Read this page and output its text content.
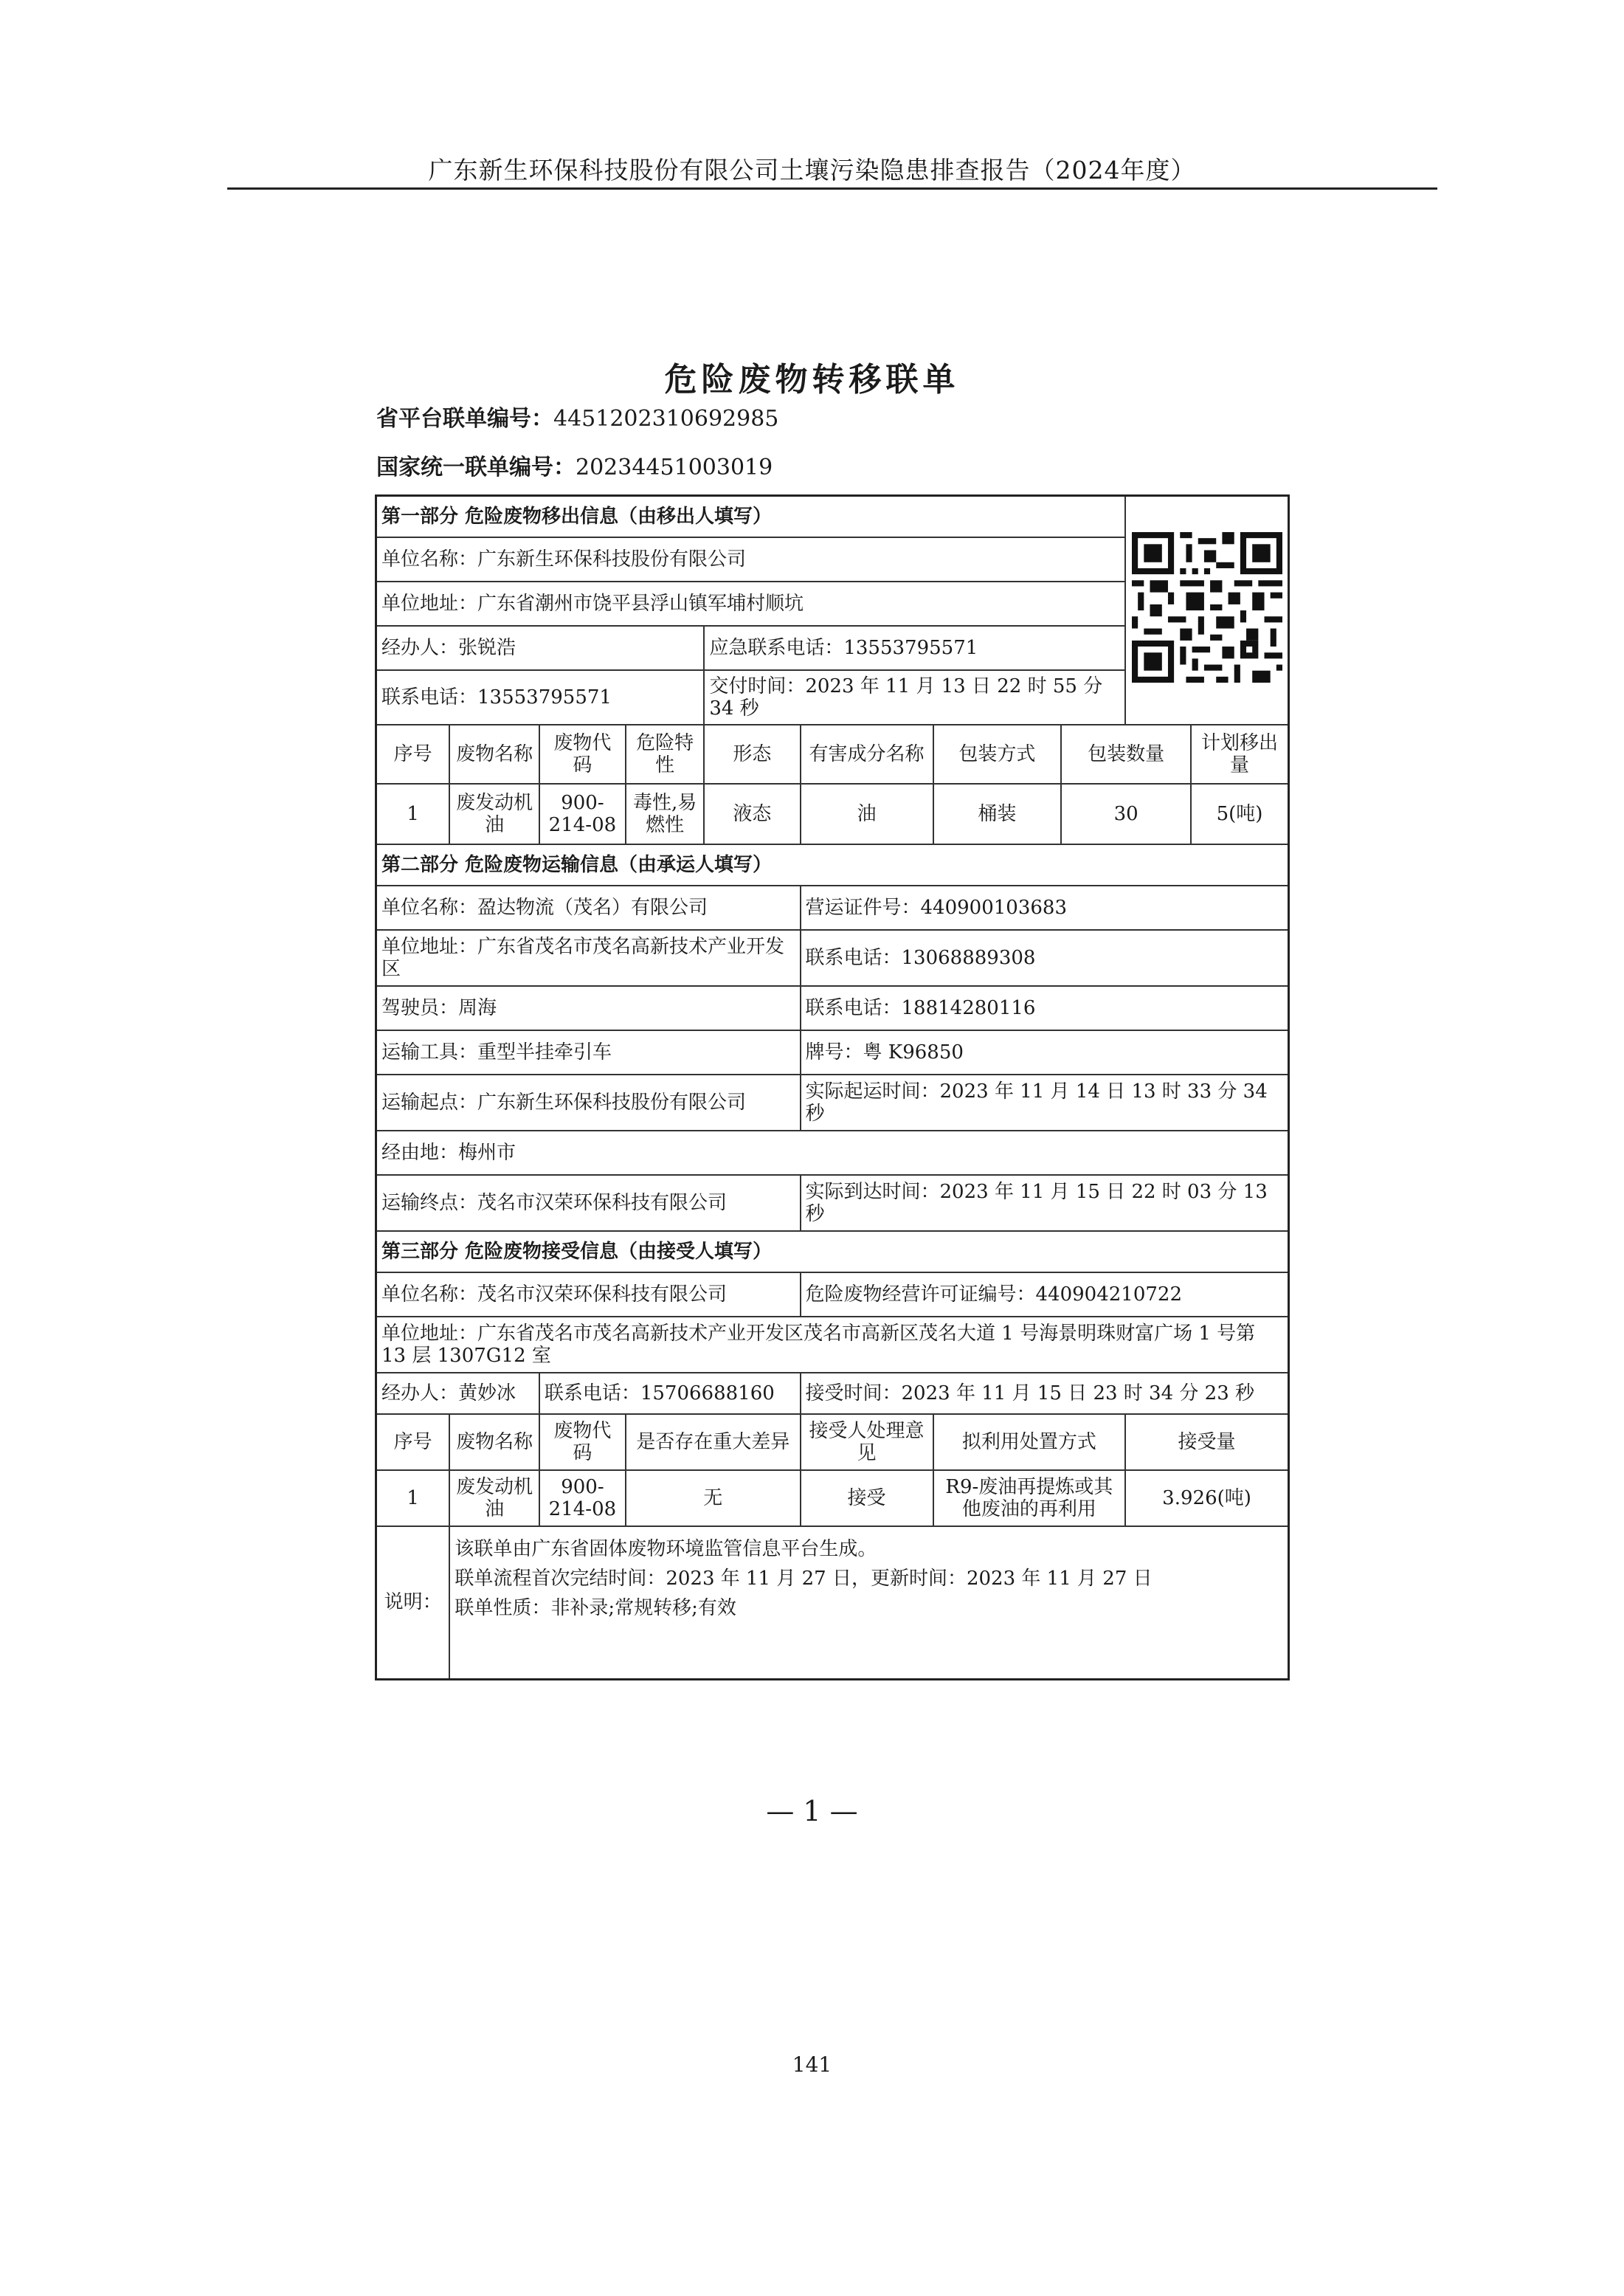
广东新生环保科技股份有限公司土壤污染隐患排查报告（2024年度）
危险废物转移联单
省平台联单编号：4451202310692985
国家统一联单编号：20234451003019
第一部分 危险废物移出信息（由移出人填写）	
单位名称：广东新生环保科技股份有限公司									
单位地址：广东省潮州市饶平县浮山镇军埔村顺坑									
经办人：张锐浩				应急联系电话：13553795571					
联系电话：13553795571				交付时间：2023 年 11 月 13 日 22 时 55 分 34 秒					
序号	废物名称	废物代码	危险特性	形态	有害成分名称	包装方式	包装数量		计划移出量
1	废发动机油	900-214-08	毒性,易燃性	液态	油	桶装	30		5(吨)
第二部分 危险废物运输信息（由承运人填写）									
单位名称：盈达物流（茂名）有限公司					营运证件号：440900103683				
单位地址：广东省茂名市茂名高新技术产业开发区					联系电话：13068889308				
驾驶员：周海					联系电话：18814280116				
运输工具：重型半挂牵引车					牌号：粤 K96850				
运输起点：广东新生环保科技股份有限公司					实际起运时间：2023 年 11 月 14 日 13 时 33 分 34 秒				
经由地：梅州市									
运输终点：茂名市汉荣环保科技有限公司					实际到达时间：2023 年 11 月 15 日 22 时 03 分 13 秒				
第三部分 危险废物接受信息（由接受人填写）									
单位名称：茂名市汉荣环保科技有限公司					危险废物经营许可证编号：440904210722				
单位地址：广东省茂名市茂名高新技术产业开发区茂名市高新区茂名大道 1 号海景明珠财富广场 1 号第 13 层 1307G12 室									
经办人：黄妙冰		联系电话：15706688160			接受时间：2023 年 11 月 15 日 23 时 34 分 23 秒				
序号	废物名称	废物代码	是否存在重大差异		接受人处理意见	拟利用处置方式		接受量	
1	废发动机油	900-214-08	无		接受	R9-废油再提炼或其他废油的再利用		3.926(吨)	
说明：	该联单由广东省固体废物环境监管信息平台生成。
联单流程首次完结时间：2023 年 11 月 27 日，更新时间：2023 年 11 月 27 日
联单性质：非补录;常规转移;有效								
— 1 —
141
